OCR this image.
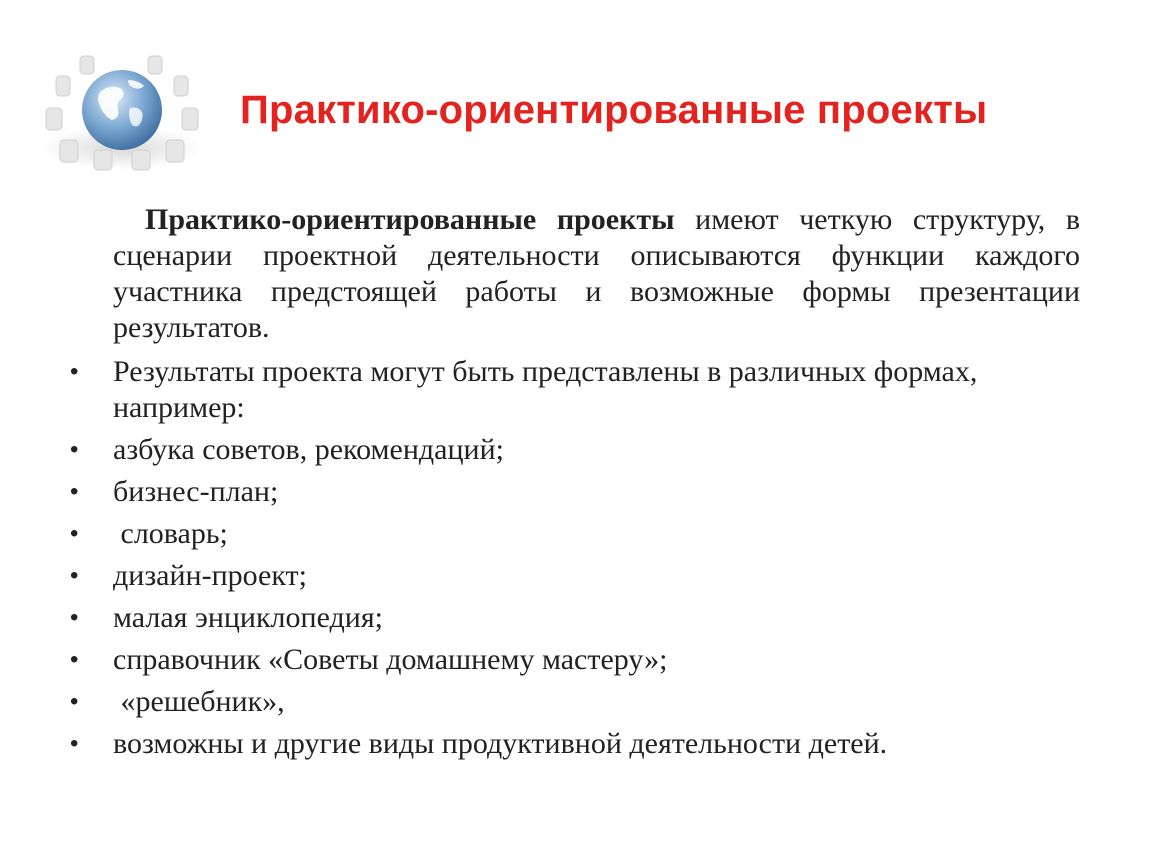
Практико-ориентированные проекты

Практико-ориентированные проекты имеют четкую структуру, в сценарии проектной деятельности описываются функции каждого участника предстоящей работы и возможные формы презентации результатов.

• Результаты проекта могут быть представлены в различных формах, например:
• азбука советов, рекомендаций;
• бизнес-план;
• словарь;
• дизайн-проект;
• малая энциклопедия;
• справочник «Советы домашнему мастеру»;
• «решебник»,
• возможны и другие виды продуктивной деятельности детей.
